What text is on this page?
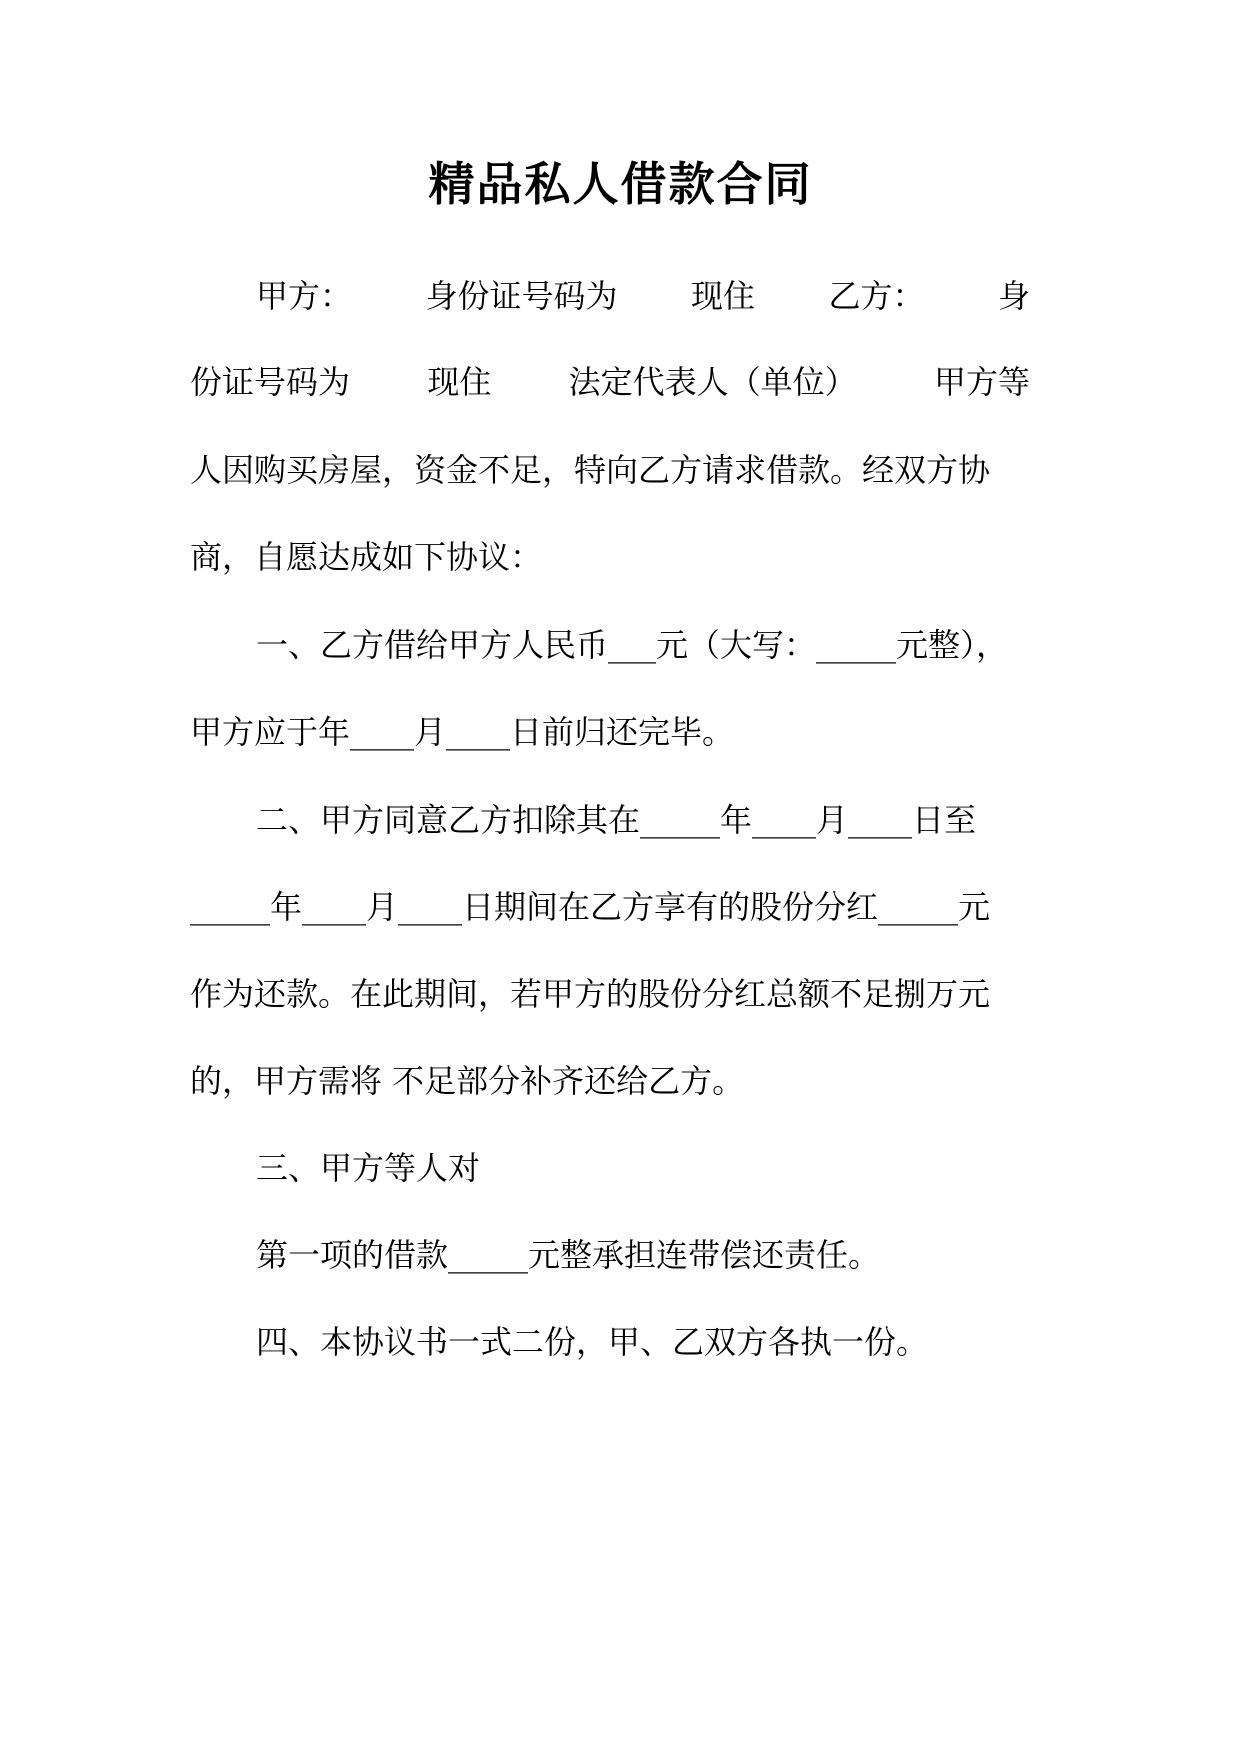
精品私人借款合同
甲方： 身份证号码为 现住 乙方： 身
份证号码为 现住 法定代表人（单位） 甲方等
人因购买房屋，资金不足，特向乙方请求借款。经双方协
商，自愿达成如下协议：
一、乙方借给甲方人民币___元（大写：_____元整），
甲方应于年____月____日前归还完毕。
二、甲方同意乙方扣除其在_____年____月____日至
_____年____月____日期间在乙方享有的股份分红_____元
作为还款。在此期间，若甲方的股份分红总额不足捌万元
的，甲方需将 不足部分补齐还给乙方。
三、甲方等人对
第一项的借款_____元整承担连带偿还责任。
四、本协议书一式二份，甲、乙双方各执一份。
